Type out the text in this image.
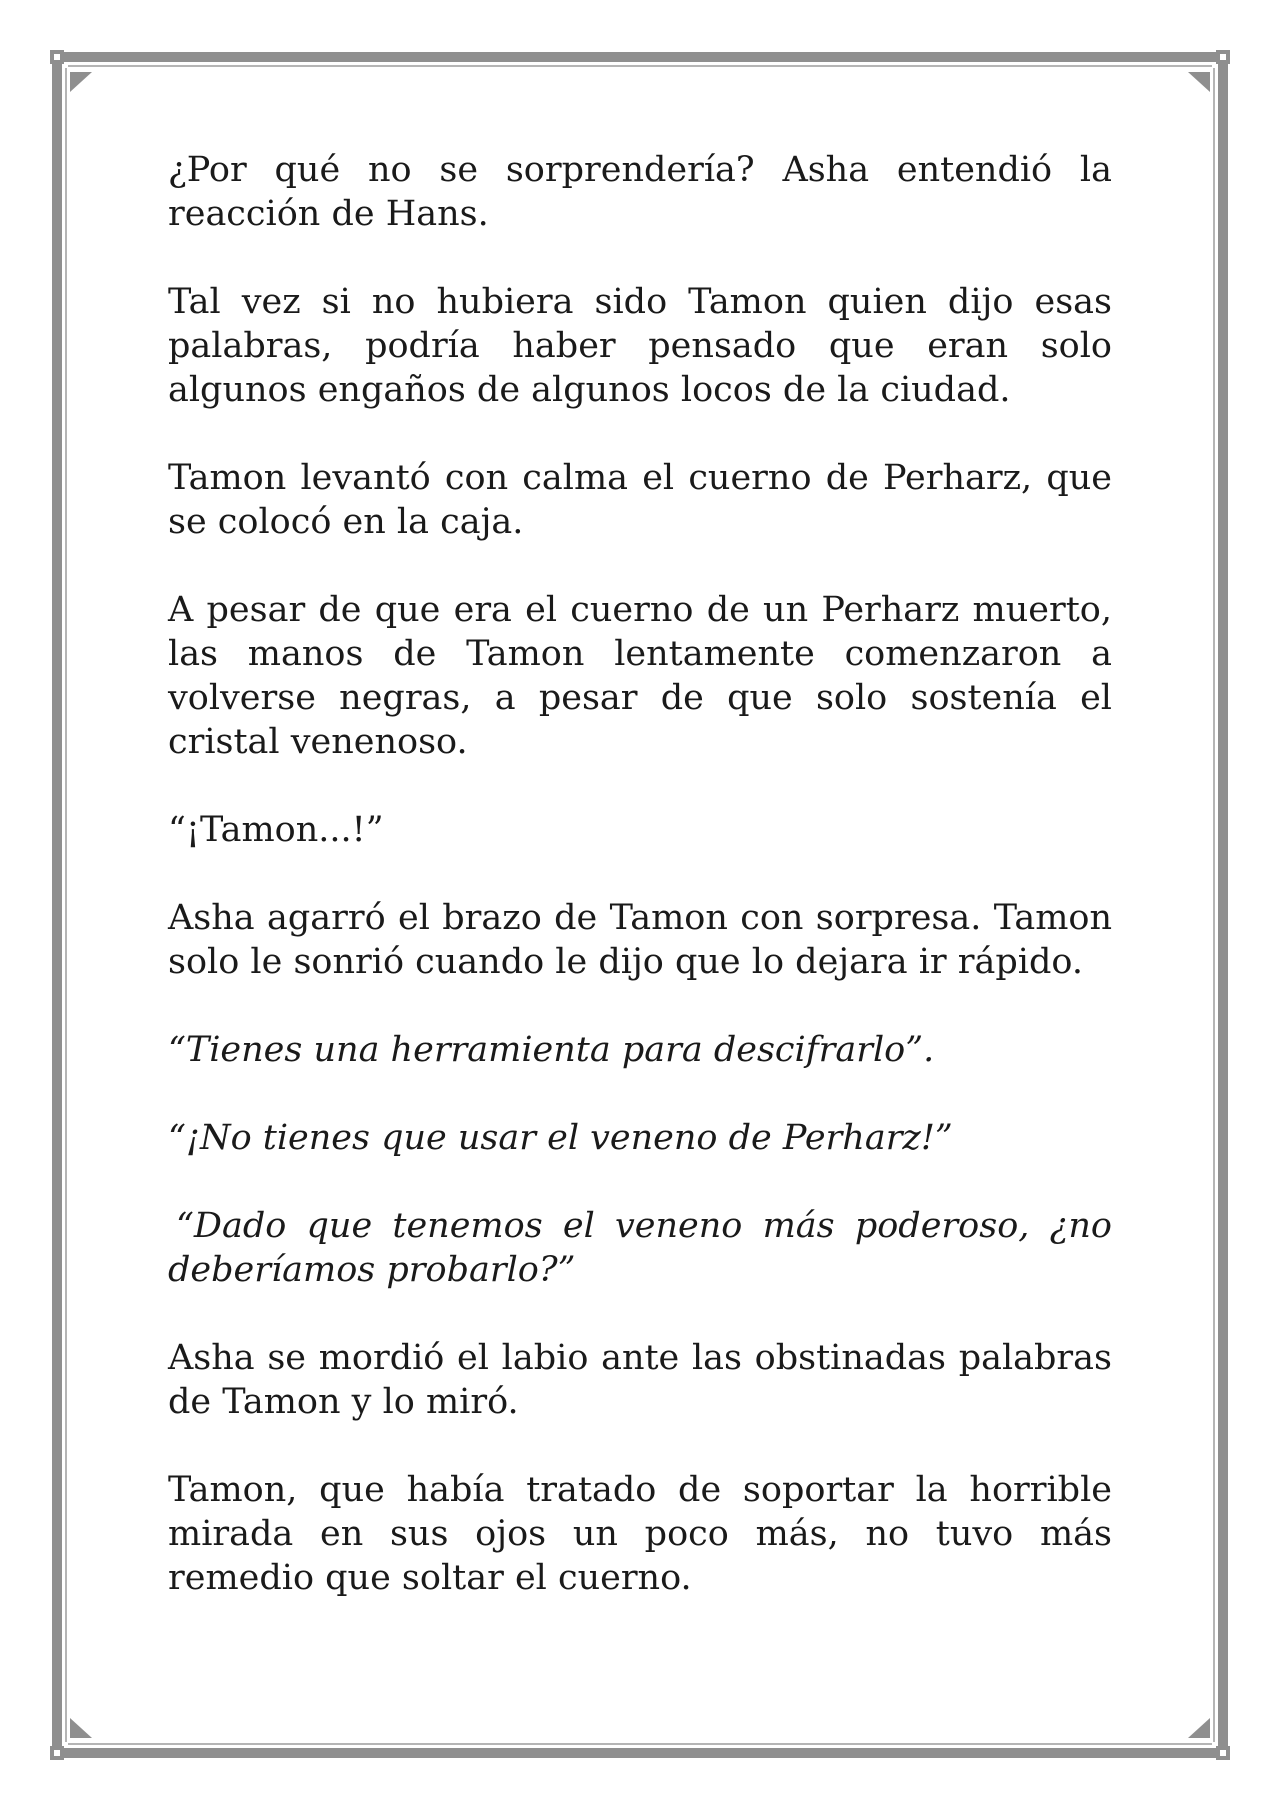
¿Por qué no se sorprendería? Asha entendió la reacción de Hans.

Tal vez si no hubiera sido Tamon quien dijo esas palabras, podría haber pensado que eran solo algunos engaños de algunos locos de la ciudad.

Tamon levantó con calma el cuerno de Perharz, que se colocó en la caja.

A pesar de que era el cuerno de un Perharz muerto, las manos de Tamon lentamente comenzaron a volverse negras, a pesar de que solo sostenía el cristal venenoso.

“¡Tamon...!”

Asha agarró el brazo de Tamon con sorpresa. Tamon solo le sonrió cuando le dijo que lo dejara ir rápido.

“Tienes una herramienta para descifrarlo”.

“¡No tienes que usar el veneno de Perharz!”

“Dado que tenemos el veneno más poderoso, ¿no deberíamos probarlo?”

Asha se mordió el labio ante las obstinadas palabras de Tamon y lo miró.

Tamon, que había tratado de soportar la horrible mirada en sus ojos un poco más, no tuvo más remedio que soltar el cuerno.
